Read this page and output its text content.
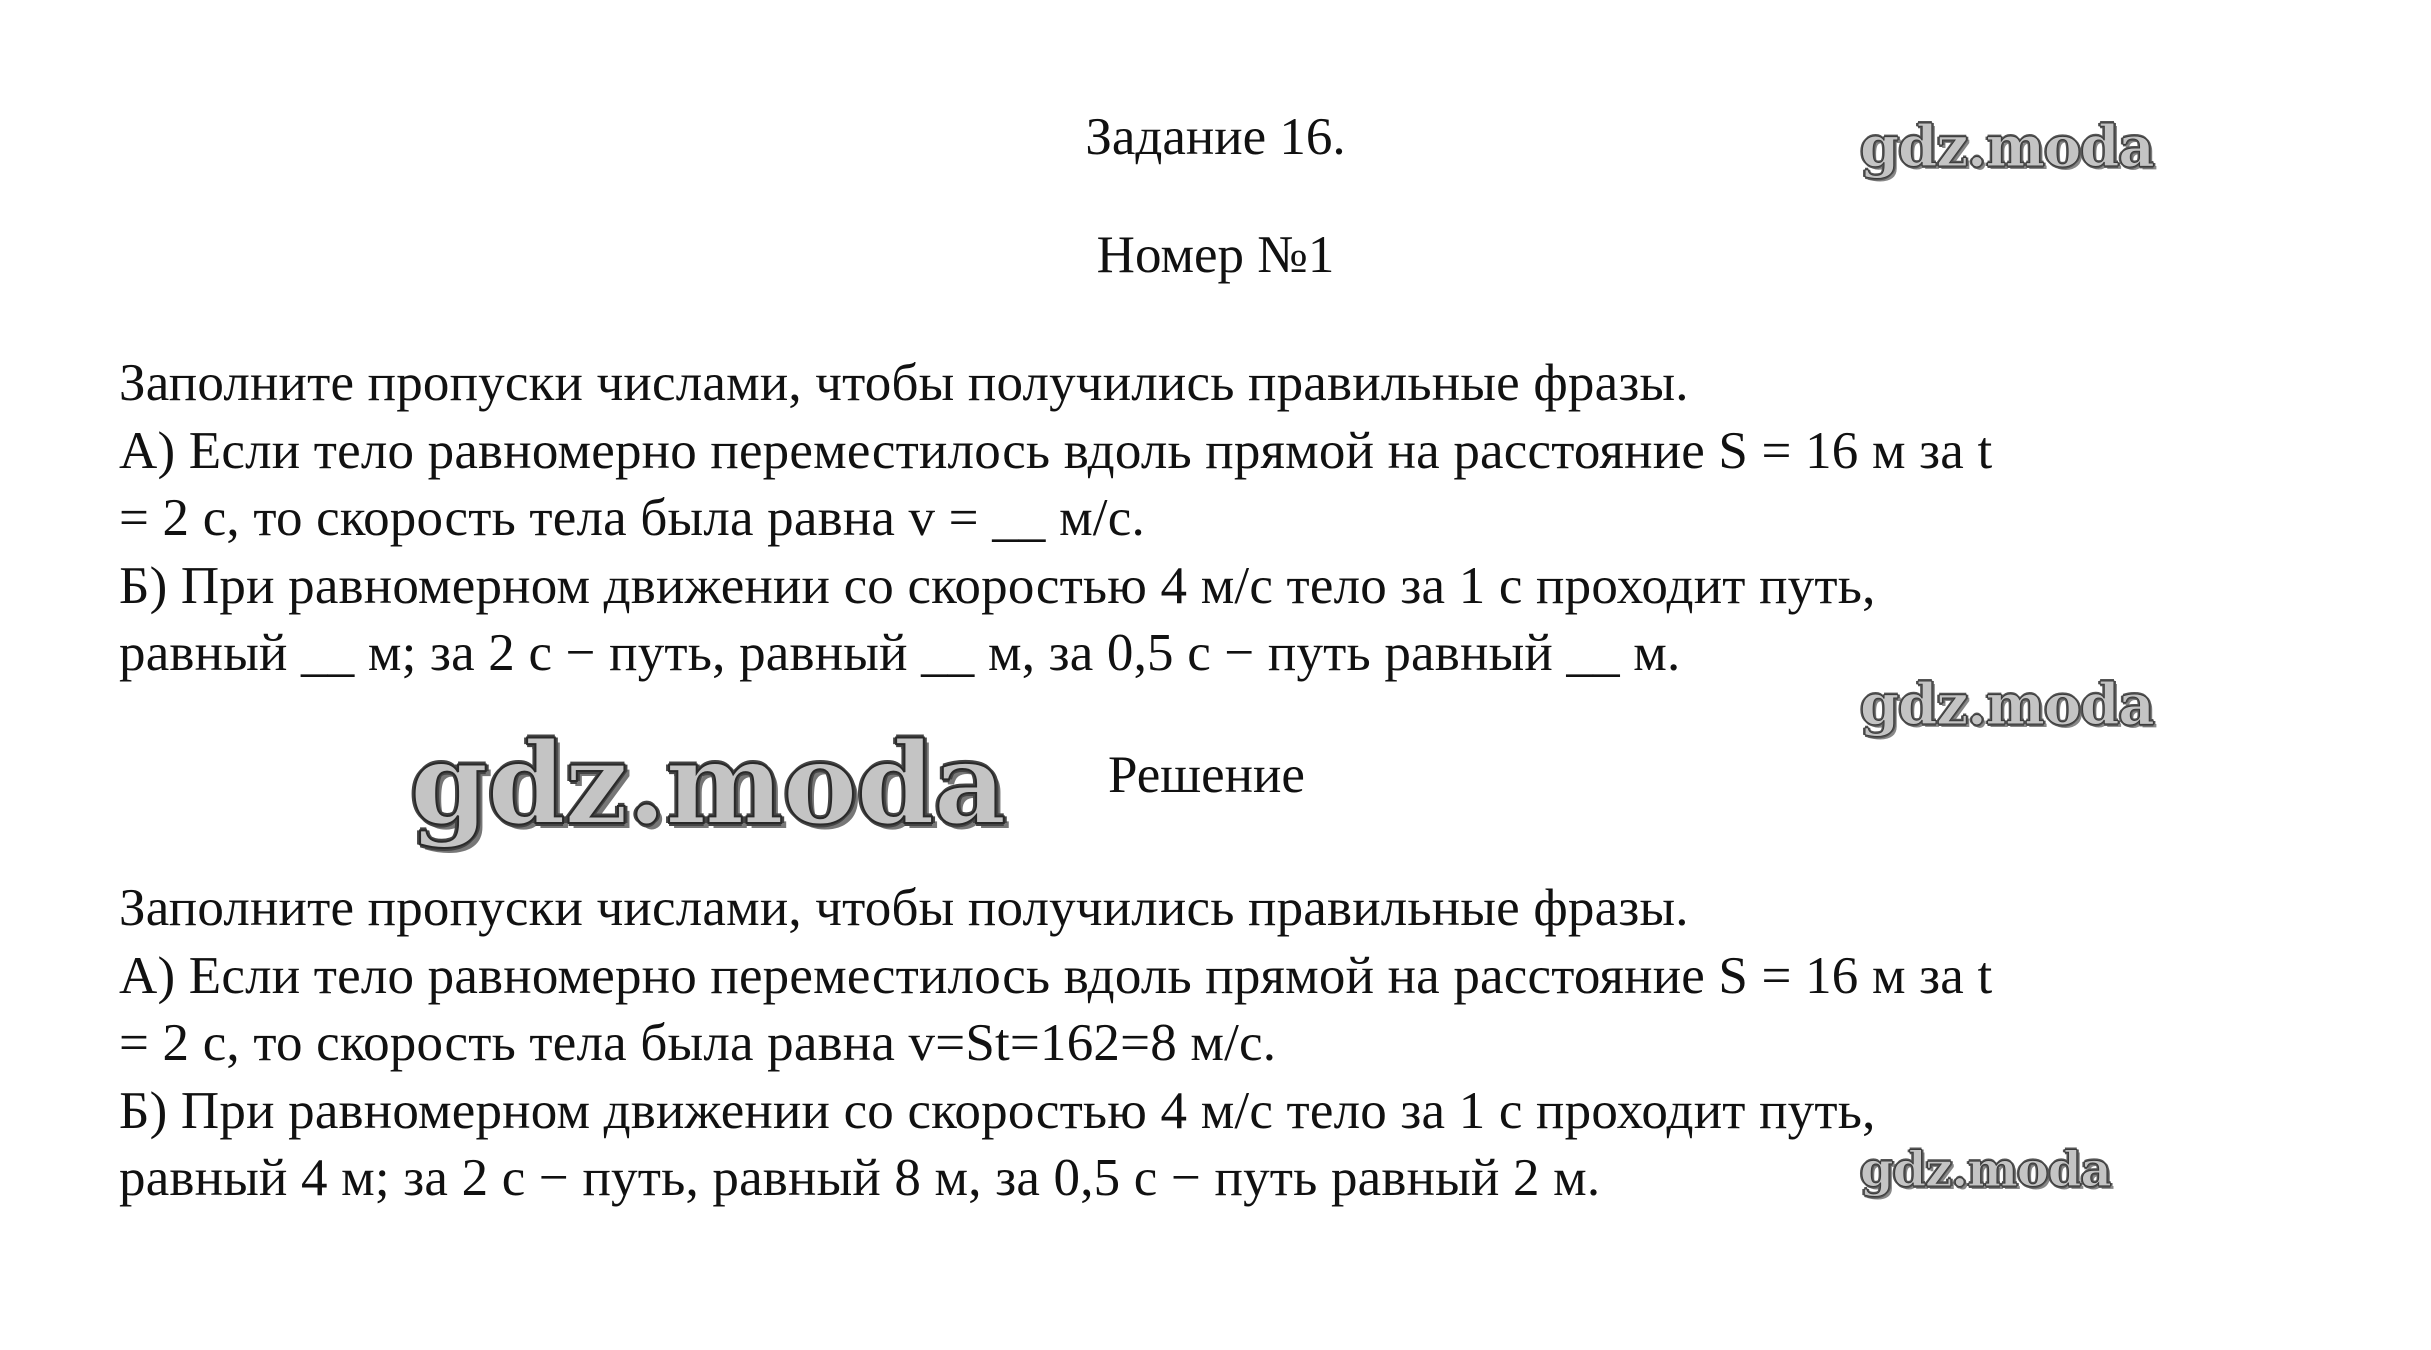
Задание 16.
Номер №1
Заполните пропуски числами, чтобы получились правильные фразы.
А) Если тело равномерно переместилось вдоль прямой на расстояние S = 16 м за t
= 2 с, то скорость тела была равна v = __ м/с.
Б) При равномерном движении со скоростью 4 м/с тело за 1 с проходит путь,
равный __ м; за 2 с − путь, равный __ м, за 0,5 с − путь равный __ м.
Решение
Заполните пропуски числами, чтобы получились правильные фразы.
А) Если тело равномерно переместилось вдоль прямой на расстояние S = 16 м за t
= 2 с, то скорость тела была равна v=St=162=8 м/с.
Б) При равномерном движении со скоростью 4 м/с тело за 1 с проходит путь,
равный 4 м; за 2 с − путь, равный 8 м, за 0,5 с − путь равный 2 м.
gdz.moda
gdz.moda
gdz.moda
gdz.moda
